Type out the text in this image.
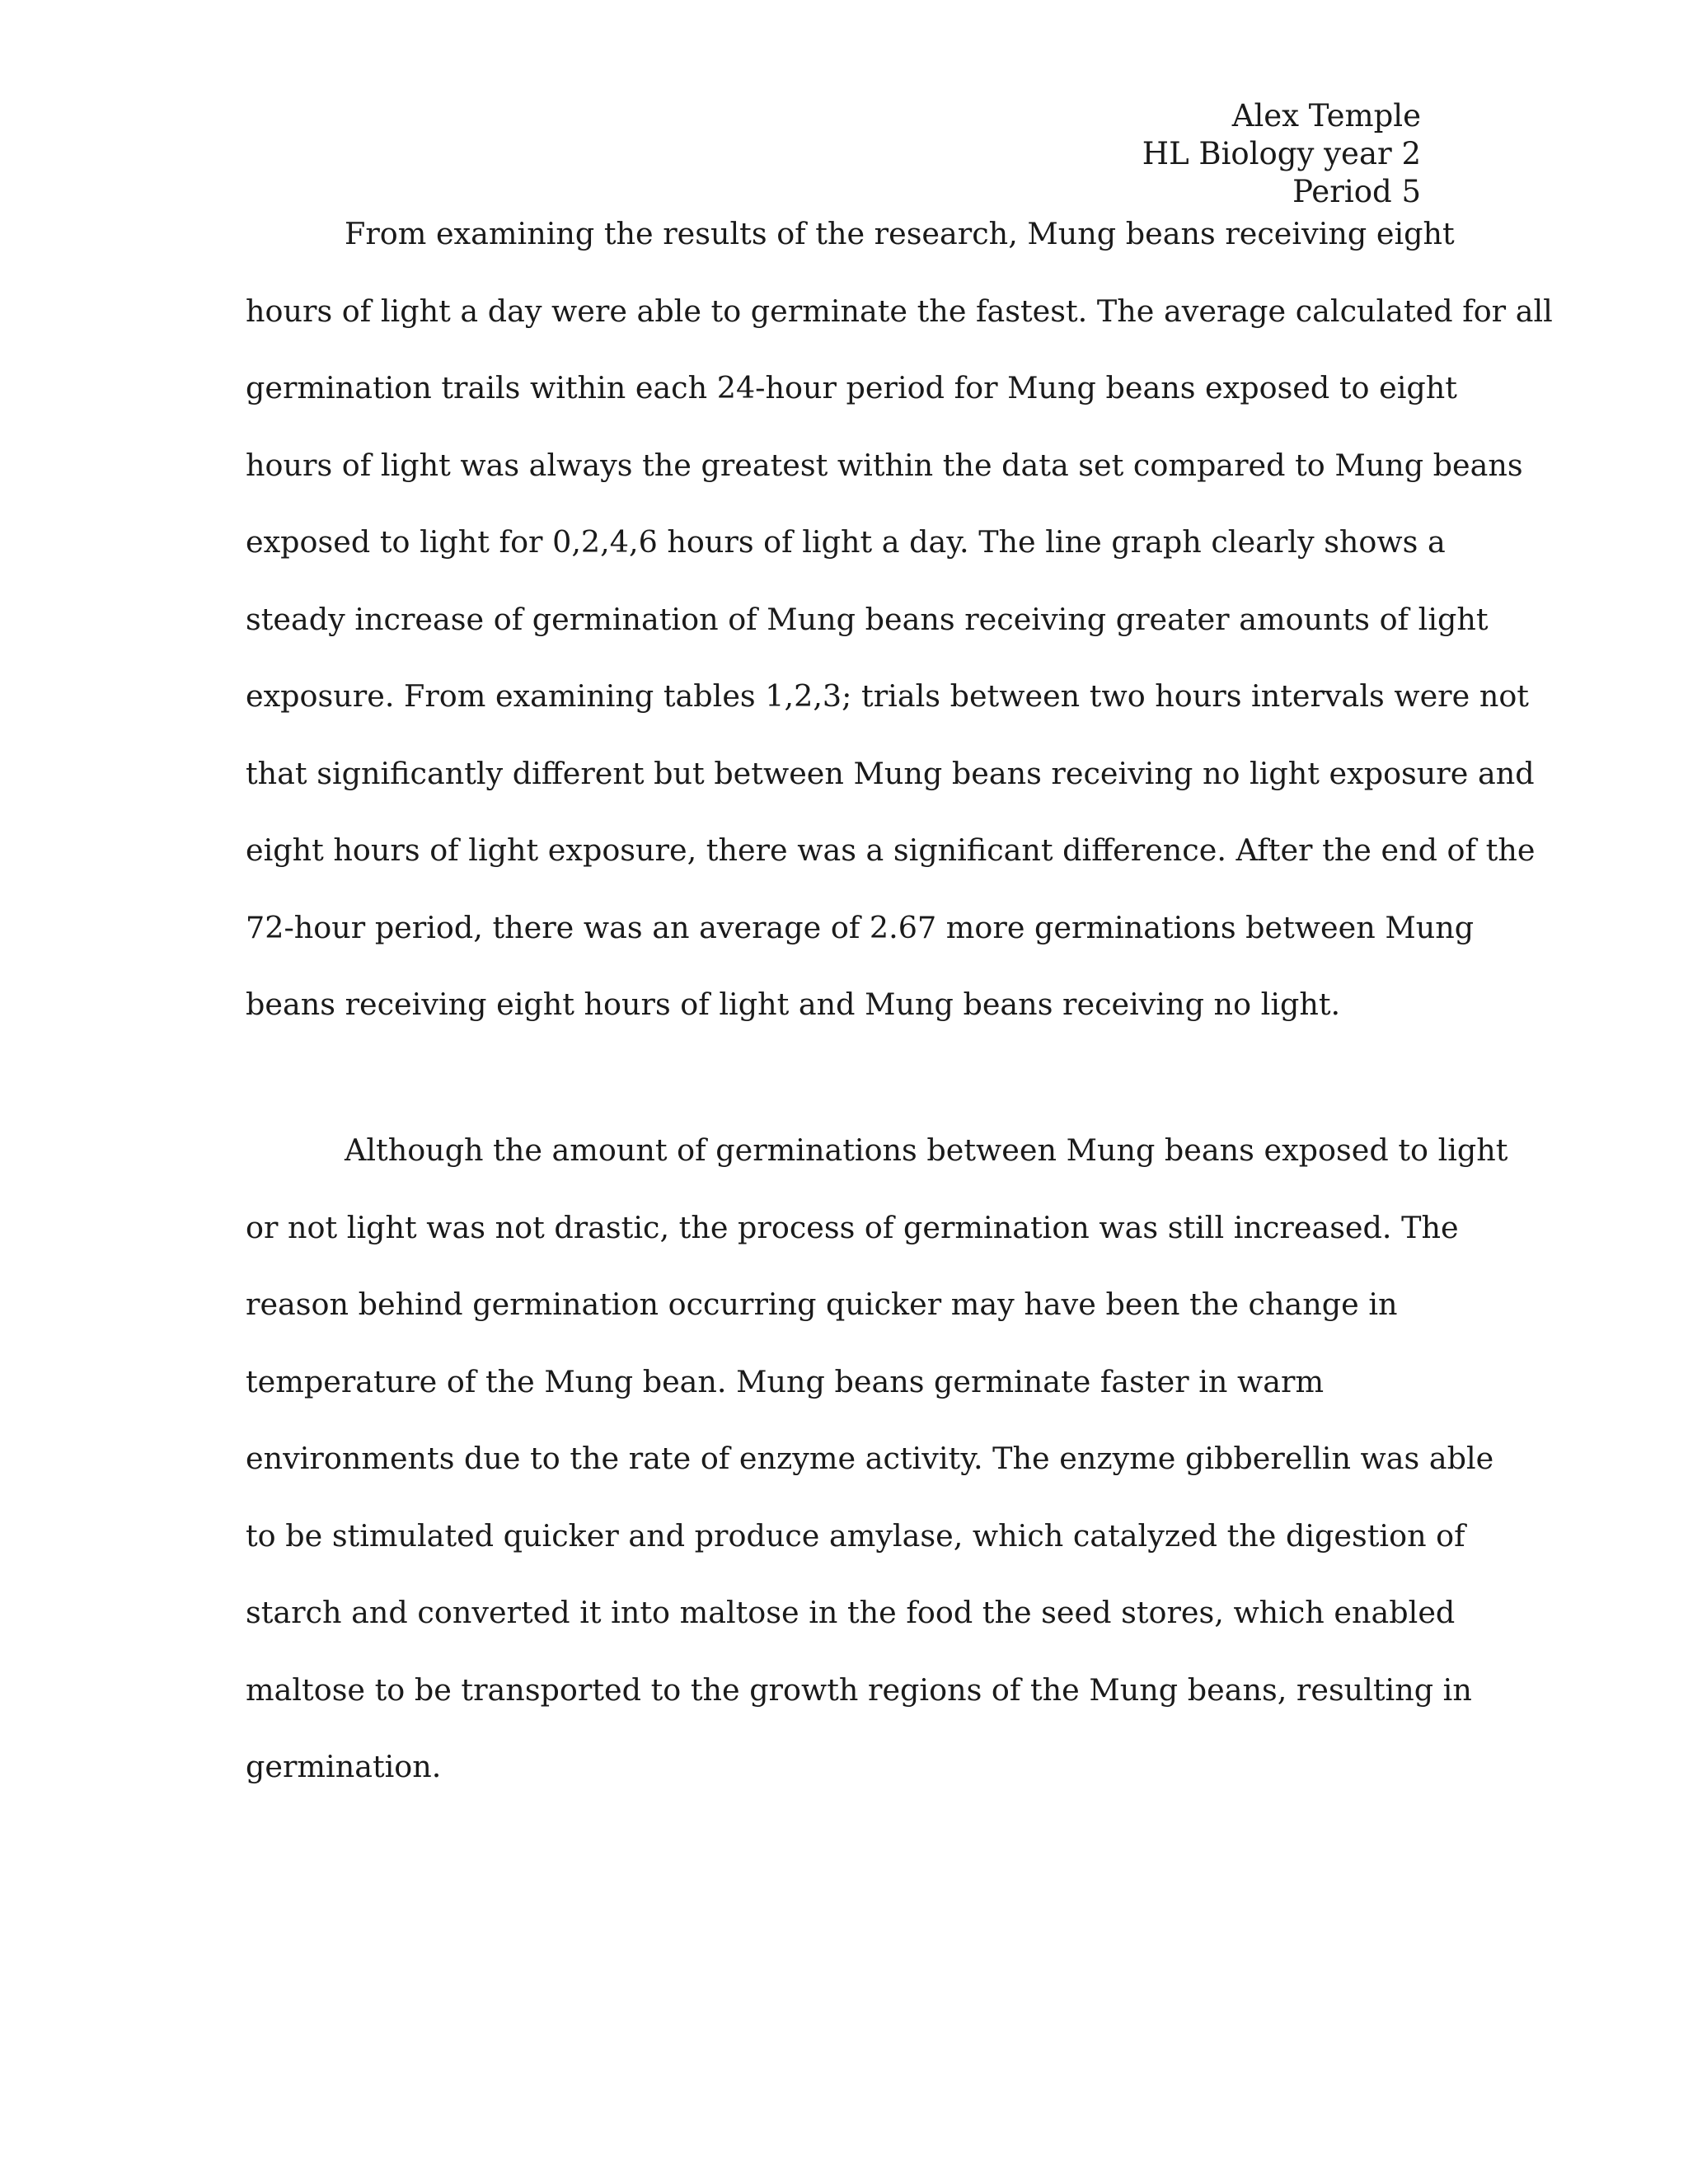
Alex Temple
HL Biology year 2
Period 5
From examining the results of the research, Mung beans receiving eight
hours of light a day were able to germinate the fastest. The average calculated for all
germination trails within each 24-hour period for Mung beans exposed to eight
hours of light was always the greatest within the data set compared to Mung beans
exposed to light for 0,2,4,6 hours of light a day. The line graph clearly shows a
steady increase of germination of Mung beans receiving greater amounts of light
exposure. From examining tables 1,2,3; trials between two hours intervals were not
that significantly different but between Mung beans receiving no light exposure and
eight hours of light exposure, there was a significant difference. After the end of the
72-hour period, there was an average of 2.67 more germinations between Mung
beans receiving eight hours of light and Mung beans receiving no light.
Although the amount of germinations between Mung beans exposed to light
or not light was not drastic, the process of germination was still increased. The
reason behind germination occurring quicker may have been the change in
temperature of the Mung bean. Mung beans germinate faster in warm
environments due to the rate of enzyme activity. The enzyme gibberellin was able
to be stimulated quicker and produce amylase, which catalyzed the digestion of
starch and converted it into maltose in the food the seed stores, which enabled
maltose to be transported to the growth regions of the Mung beans, resulting in
germination.
